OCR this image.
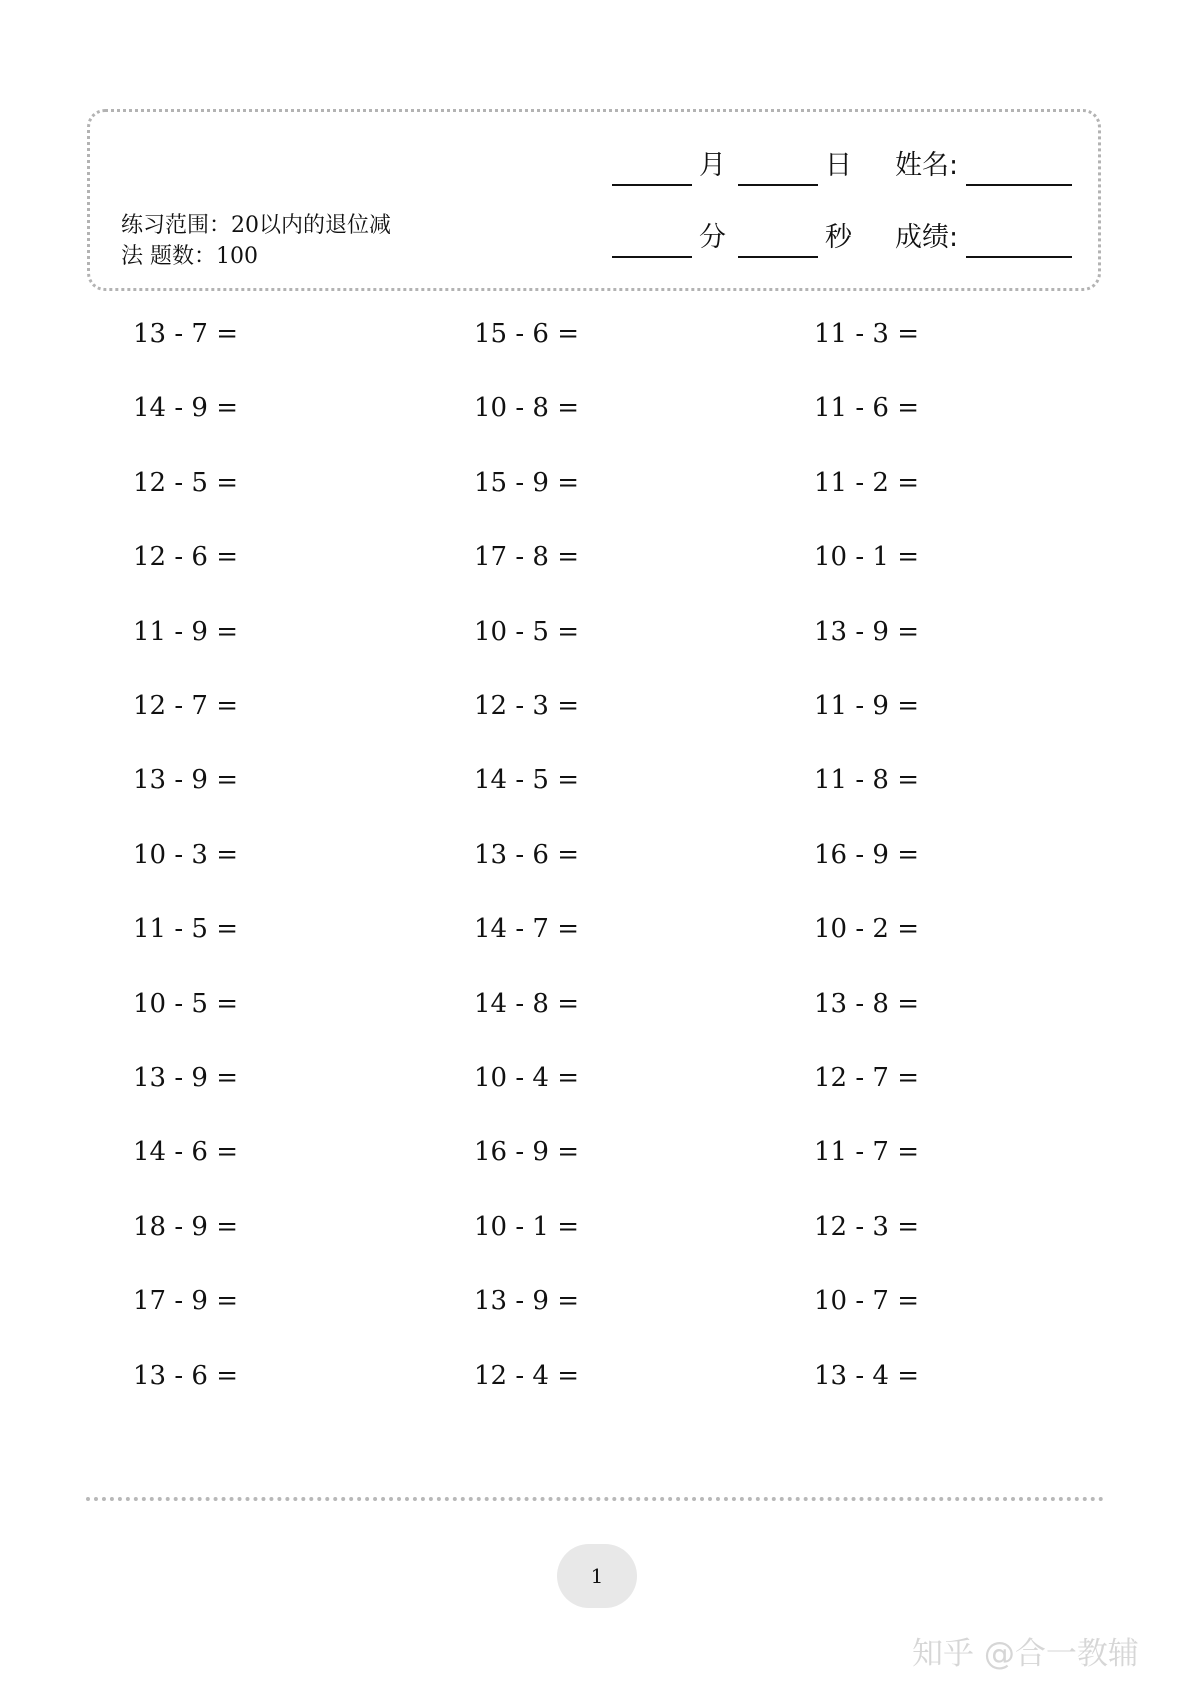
练习范围：20以内的退位减
法 题数：100
月	日 姓名:
分	秒 成绩:
13 - 7 =
14 - 9 =
12 - 5 =
12 - 6 =
11 - 9 =
12 - 7 =
13 - 9 =
10 - 3 =
11 - 5 =
10 - 5 =
13 - 9 =
14 - 6 =
18 - 9 =
17 - 9 =
13 - 6 =
15 - 6 =
10 - 8 =
15 - 9 =
17 - 8 =
10 - 5 =
12 - 3 =
14 - 5 =
13 - 6 =
14 - 7 =
14 - 8 =
10 - 4 =
16 - 9 =
10 - 1 =
13 - 9 =
12 - 4 =
11 - 3 =
11 - 6 =
11 - 2 =
10 - 1 =
13 - 9 =
11 - 9 =
11 - 8 =
16 - 9 =
10 - 2 =
13 - 8 =
12 - 7 =
11 - 7 =
12 - 3 =
10 - 7 =
13 - 4 =
1
知乎 @合一教辅
